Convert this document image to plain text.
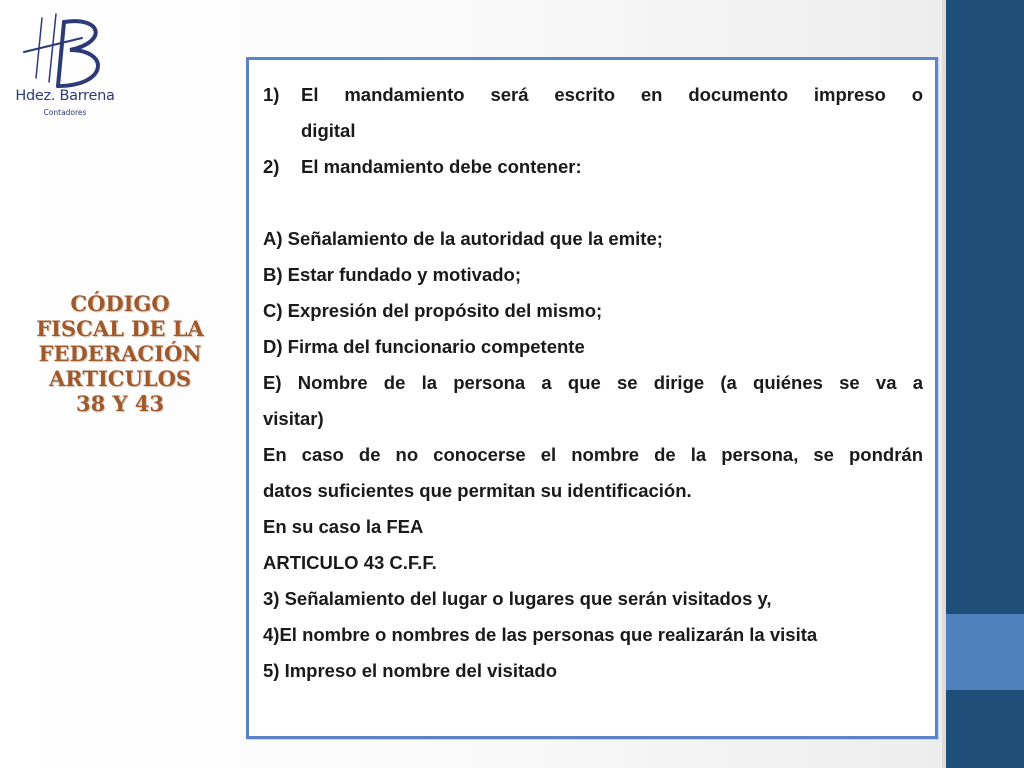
Hdez. Barrena
Contadores
CÓDIGO
FISCAL DE LA
FEDERACIÓN
ARTICULOS
38 Y 43
1) El mandamiento será escrito en documento impreso o
digital
2) El mandamiento debe contener:
A) Señalamiento de la autoridad que la emite;
B) Estar fundado y motivado;
C) Expresión del propósito del mismo;
D) Firma del funcionario competente
E) Nombre de la persona a que se dirige (a quiénes se va a
visitar)
En caso de no conocerse el nombre de la persona, se pondrán
datos suficientes que permitan su identificación.
En su caso la FEA
ARTICULO 43 C.F.F.
3) Señalamiento del lugar o lugares que serán visitados y,
4)El nombre o nombres de las personas que realizarán la visita
5) Impreso el nombre del visitado
